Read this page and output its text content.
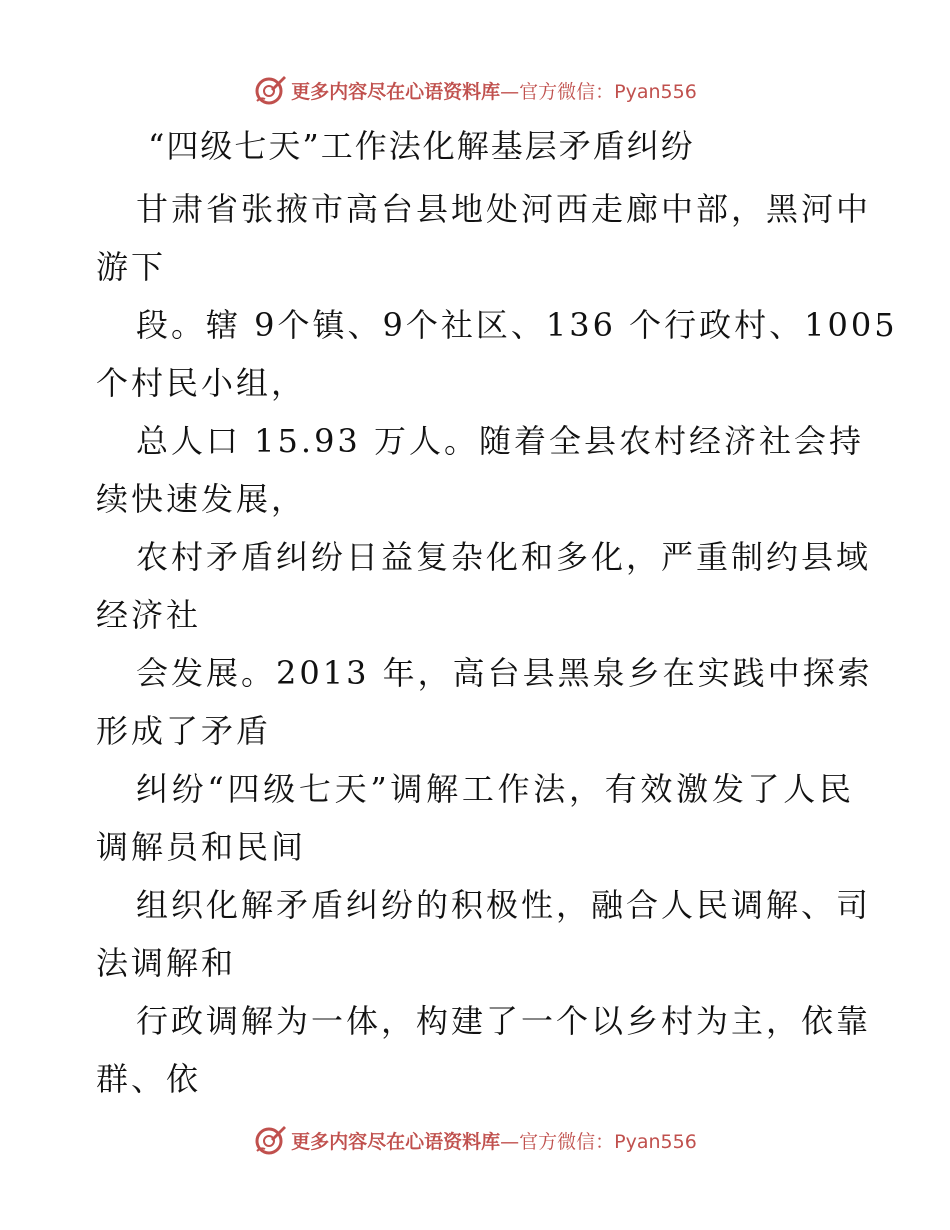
更多内容尽在心语资料库 —官方微信：Pyan556
“四级七天”工作法化解基层矛盾纠纷

甘肃省张掖市高台县地处河西走廊中部，黑河中
游下

段。辖 9个镇、9个社区、136 个行政村、1005
个村民小组，

总人口 15.93 万人。随着全县农村经济社会持
续快速发展，

农村矛盾纠纷日益复杂化和多化，严重制约县域
经济社

会发展。2013 年，高台县黑泉乡在实践中探索
形成了矛盾

纠纷“四级七天”调解工作法，有效激发了人民
调解员和民间

组织化解矛盾纠纷的积极性，融合人民调解、司
法调解和

行政调解为一体，构建了一个以乡村为主，依靠
群、依

更多内容尽在心语资料库 —官方微信：Pyan556
